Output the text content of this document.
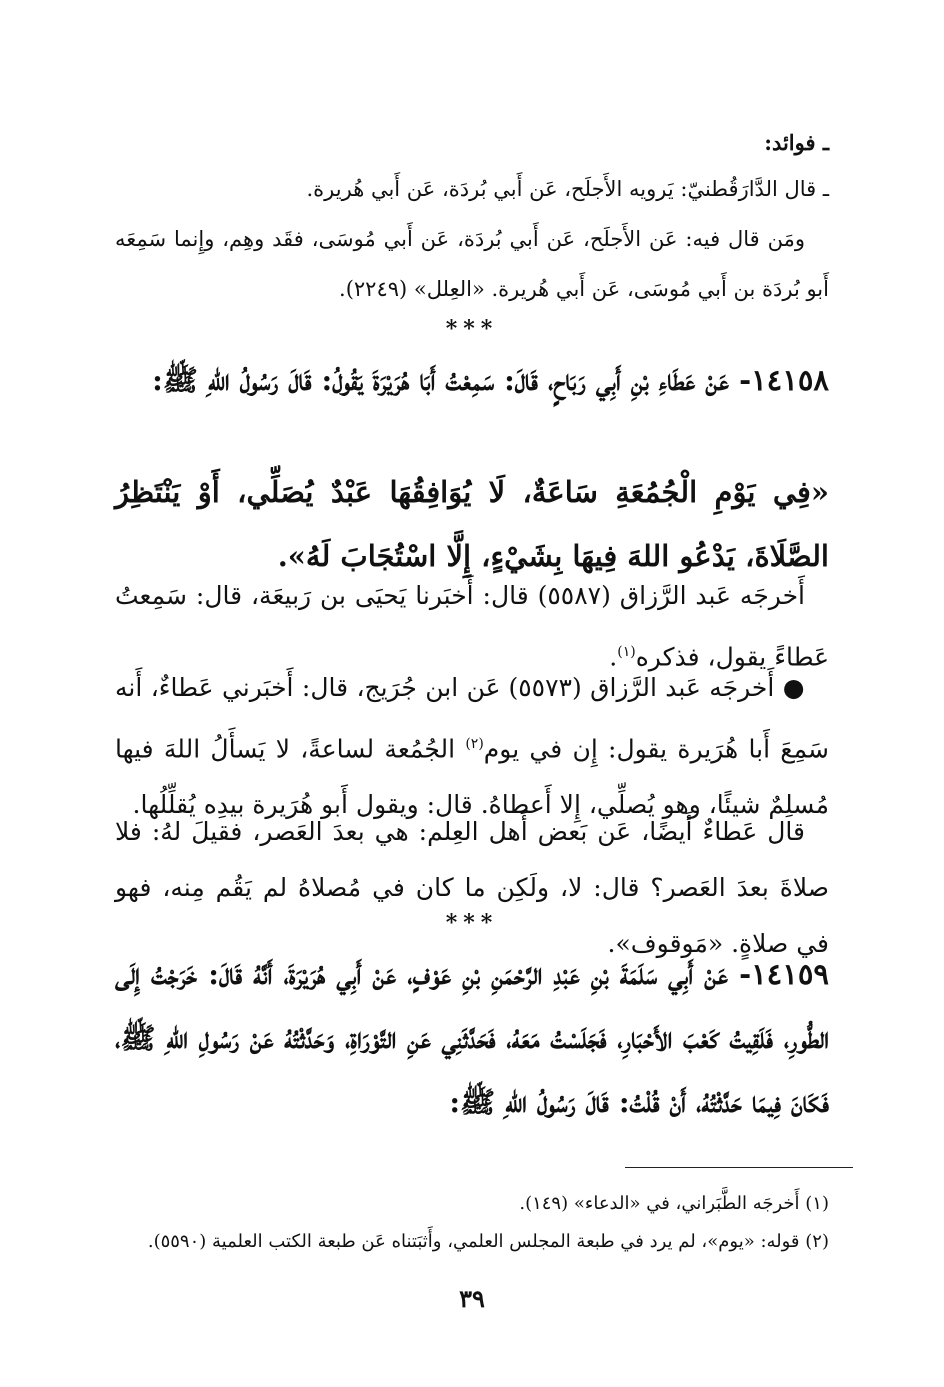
ـ فوائد:

ـ قال الدَّارَقُطنيّ: يَرويه الأَجلَح، عَن أَبي بُردَة، عَن أَبي هُريرة.

ومَن قال فيه: عَن الأَجلَح، عَن أَبي بُردَة، عَن أَبي مُوسَى، فقَد وهِم، وإِنما سَمِعَه أَبو بُردَة بن أَبي مُوسَى، عَن أَبي هُريرة. «العِلل» (٢٢٤٩).

***

١٤١٥٨- عَنْ عَطَاءِ بْنِ أَبِي رَبَاحٍ، قَالَ: سَمِعْتُ أَبَا هُرَيْرَةَ يَقُولُ: قَالَ رَسُولُ اللهِ ﷺ:

«فِي يَوْمِ الْجُمُعَةِ سَاعَةٌ، لَا يُوَافِقُهَا عَبْدٌ يُصَلِّي، أَوْ يَنْتَظِرُ الصَّلَاةَ، يَدْعُو اللهَ فِيهَا بِشَيْءٍ، إِلَّا اسْتُجَابَ لَهُ».

أَخرجَه عَبد الرَّزاق (٥٥٨٧) قال: أَخبَرنا يَحيَى بن رَبيعَة، قال: سَمِعتُ عَطاءً يقول، فذكره$^{(١)}$.

● أَخرجَه عَبد الرَّزاق (٥٥٧٣) عَن ابن جُرَيج، قال: أَخبَرني عَطاءٌ، أَنه سَمِعَ أَبا هُرَيرة يقول: إِن في يوم$^{(٢)}$ الجُمُعة لساعةً، لا يَسأَلُ اللهَ فيها مُسلِمٌ شيئًا، وهو يُصلِّي، إِلا أَعطاهُ. قال: ويقول أَبو هُرَيرة بيدِه يُقلِّلُها.

قال عَطاءٌ أَيضًا، عَن بَعض أَهل العِلم: هي بعدَ العَصر، فقيلَ لهُ: فلا صلاةَ بعدَ العَصر؟ قال: لا، ولَكِن ما كان في مُصلاهُ لم يَقُم مِنه، فهو في صلاةٍ. «مَوقوف».

***

١٤١٥٩- عَنْ أَبِي سَلَمَةَ بْنِ عَبْدِ الرَّحْمَنِ بْنِ عَوْفٍ، عَنْ أَبِي هُرَيْرَةَ، أَنَّهُ قَالَ: خَرَجْتُ إِلَى الطُّورِ، فَلَقِيتُ كَعْبَ الأَحْبَارِ، فَجَلَسْتُ مَعَهُ، فَحَدَّثَنِي عَنِ التَّوْرَاةِ، وَحَدَّثْتُهُ عَنْ رَسُولِ اللهِ ﷺ، فَكَانَ فِيمَا حَدَّثْتُهُ، أَنْ قُلْتُ: قَالَ رَسُولُ اللهِ ﷺ:

(١) أَخرجَه الطَّبَراني، في «الدعاء» (١٤٩).

(٢) قوله: «يوم»، لم يرد في طبعة المجلس العلمي، وأَثبَتناه عَن طبعة الكتب العلمية (٥٥٩٠).

٣٩
